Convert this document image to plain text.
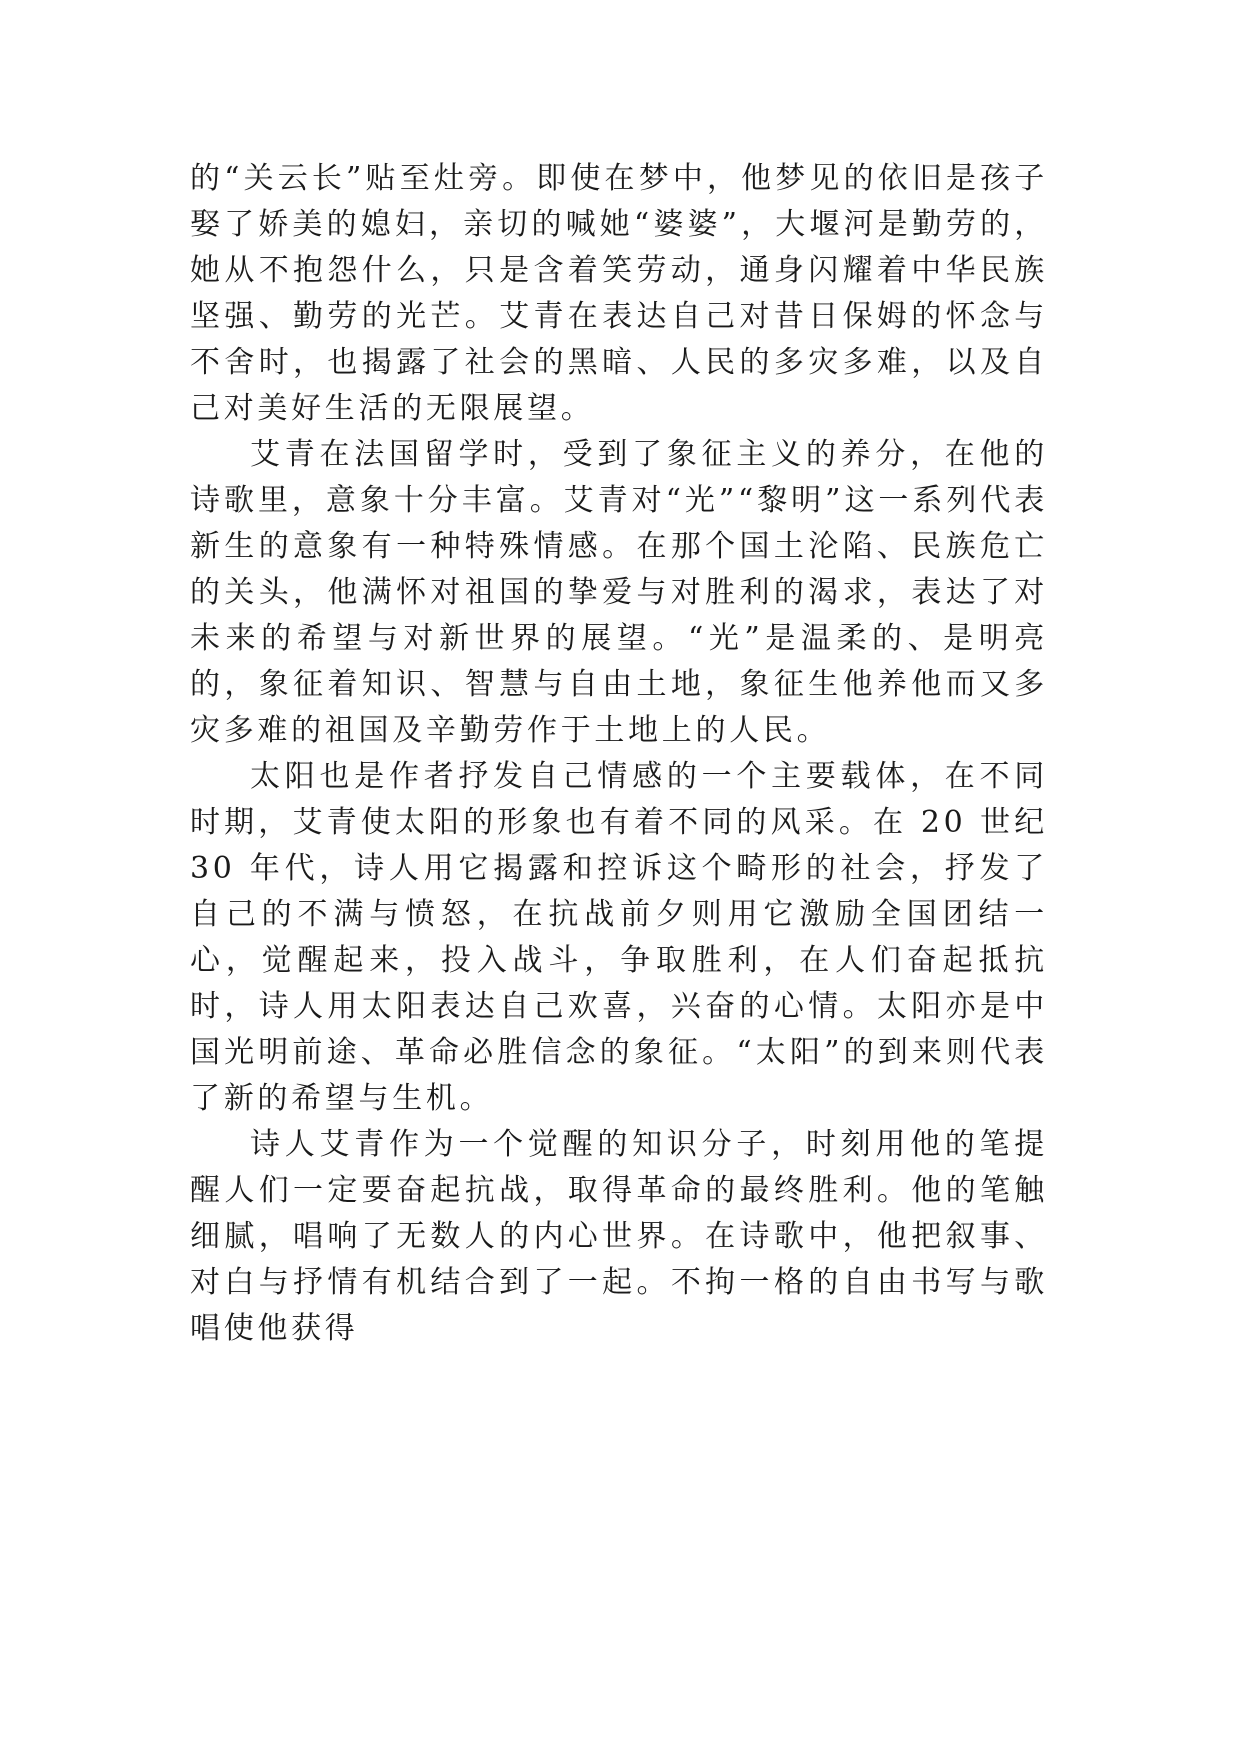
的“关云长”贴至灶旁。即使在梦中，他梦见的依旧是孩子娶了娇美的媳妇，亲切的喊她“婆婆”，大堰河是勤劳的，她从不抱怨什么，只是含着笑劳动，通身闪耀着中华民族坚强、勤劳的光芒。艾青在表达自己对昔日保姆的怀念与不舍时，也揭露了社会的黑暗、人民的多灾多难，以及自己对美好生活的无限展望。

艾青在法国留学时，受到了象征主义的养分，在他的诗歌里，意象十分丰富。艾青对“光”“黎明”这一系列代表新生的意象有一种特殊情感。在那个国土沦陷、民族危亡的关头，他满怀对祖国的挚爱与对胜利的渴求，表达了对未来的希望与对新世界的展望。“光”是温柔的、是明亮的，象征着知识、智慧与自由土地，象征生他养他而又多灾多难的祖国及辛勤劳作于土地上的人民。

太阳也是作者抒发自己情感的一个主要载体，在不同时期，艾青使太阳的形象也有着不同的风采。在 20 世纪 30 年代，诗人用它揭露和控诉这个畸形的社会，抒发了自己的不满与愤怒，在抗战前夕则用它激励全国团结一心，觉醒起来，投入战斗，争取胜利，在人们奋起抵抗时，诗人用太阳表达自己欢喜，兴奋的心情。太阳亦是中国光明前途、革命必胜信念的象征。“太阳”的到来则代表了新的希望与生机。

诗人艾青作为一个觉醒的知识分子，时刻用他的笔提醒人们一定要奋起抗战，取得革命的最终胜利。他的笔触细腻，唱响了无数人的内心世界。在诗歌中，他把叙事、对白与抒情有机结合到了一起。不拘一格的自由书写与歌唱使他获得
